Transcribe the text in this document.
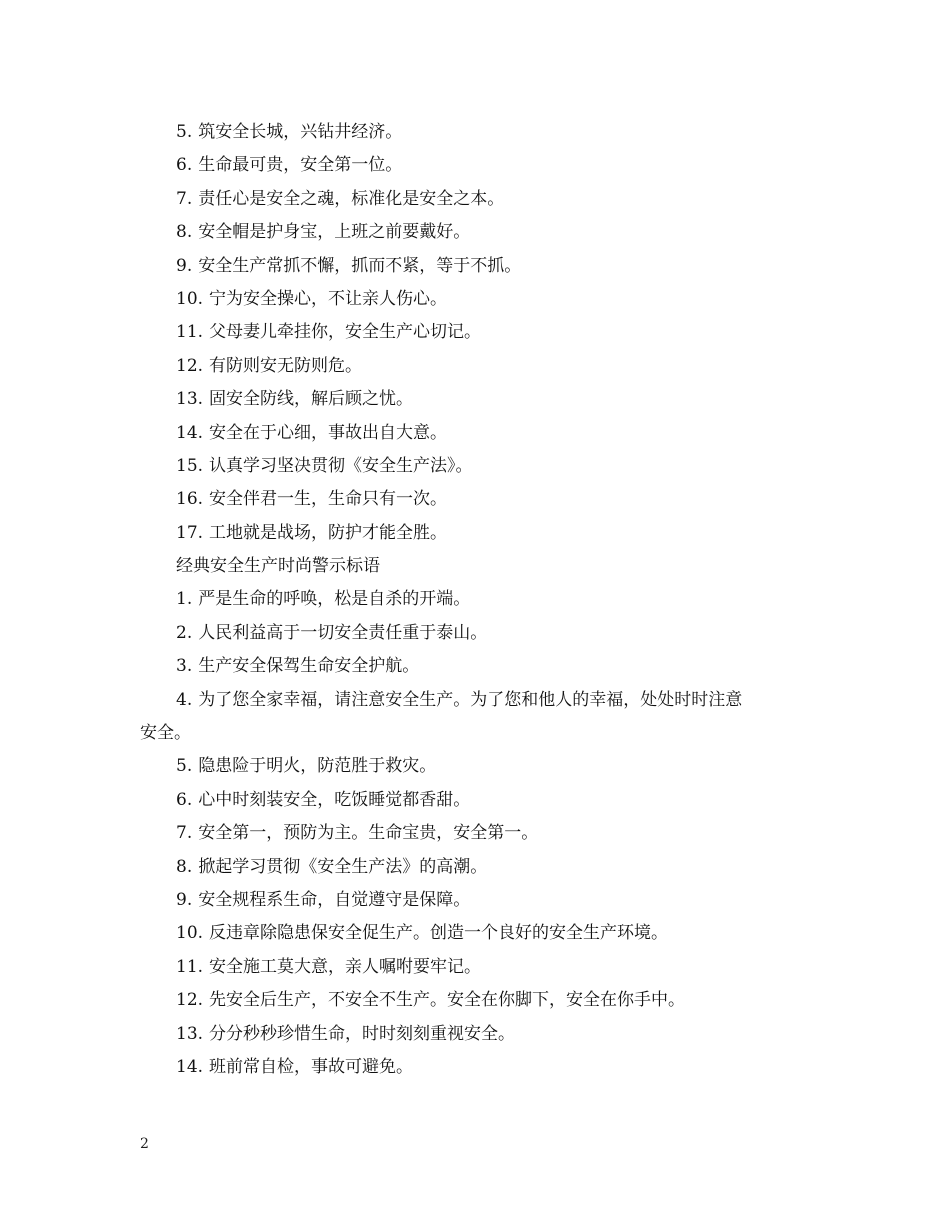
5. 筑安全长城，兴钻井经济。
6. 生命最可贵，安全第一位。
7. 责任心是安全之魂，标准化是安全之本。
8. 安全帽是护身宝，上班之前要戴好。
9. 安全生产常抓不懈，抓而不紧，等于不抓。
10. 宁为安全操心，不让亲人伤心。
11. 父母妻儿牵挂你，安全生产心切记。
12. 有防则安无防则危。
13. 固安全防线，解后顾之忧。
14. 安全在于心细，事故出自大意。
15. 认真学习坚决贯彻《安全生产法》。
16. 安全伴君一生，生命只有一次。
17. 工地就是战场，防护才能全胜。
经典安全生产时尚警示标语
1. 严是生命的呼唤，松是自杀的开端。
2. 人民利益高于一切安全责任重于泰山。
3. 生产安全保驾生命安全护航。
4. 为了您全家幸福，请注意安全生产。为了您和他人的幸福，处处时时注意
安全。
5. 隐患险于明火，防范胜于救灾。
6. 心中时刻装安全，吃饭睡觉都香甜。
7. 安全第一，预防为主。生命宝贵，安全第一。
8. 掀起学习贯彻《安全生产法》的高潮。
9. 安全规程系生命，自觉遵守是保障。
10. 反违章除隐患保安全促生产。创造一个良好的安全生产环境。
11. 安全施工莫大意，亲人嘱咐要牢记。
12. 先安全后生产，不安全不生产。安全在你脚下，安全在你手中。
13. 分分秒秒珍惜生命，时时刻刻重视安全。
14. 班前常自检，事故可避免。
2
